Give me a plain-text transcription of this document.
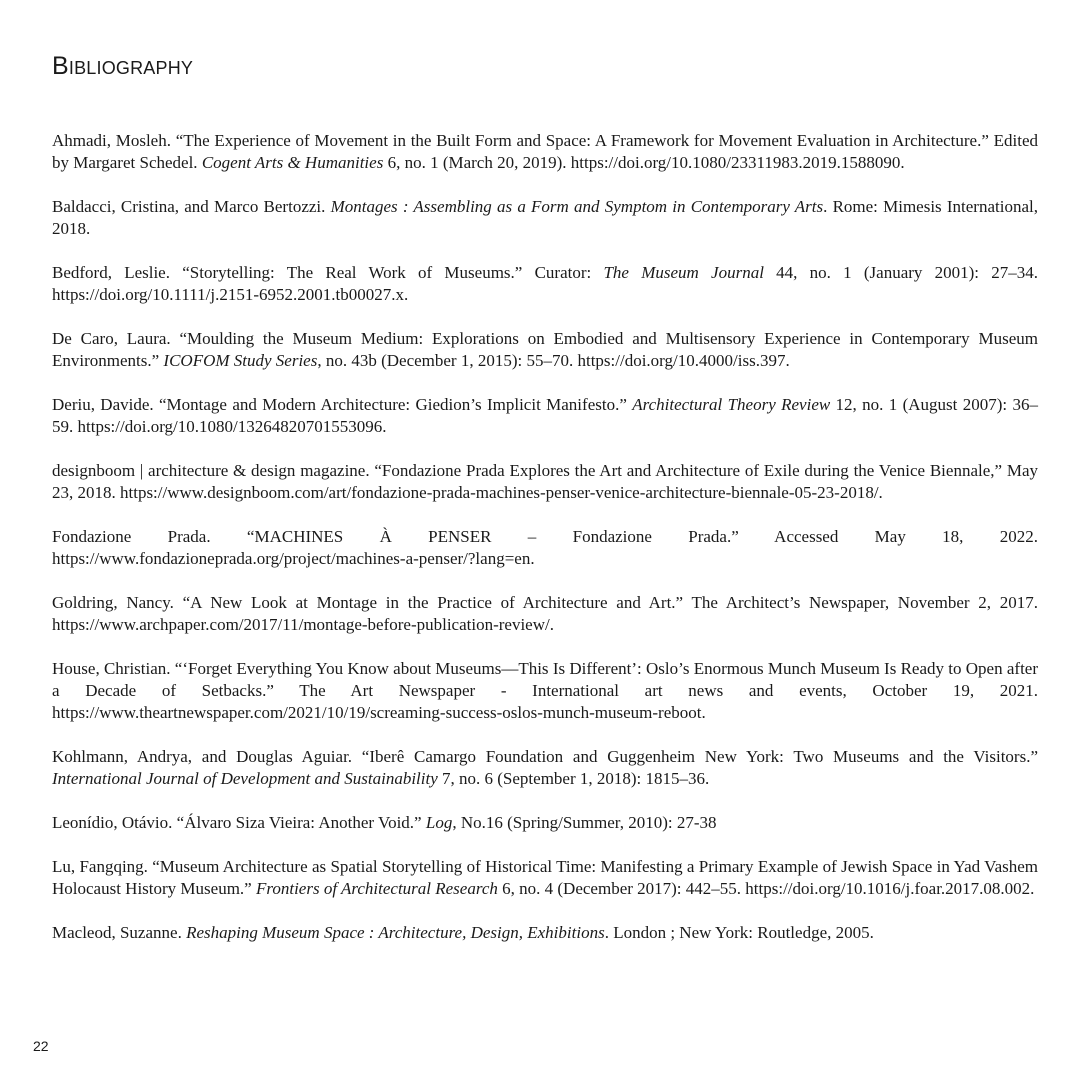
Bibliography

Ahmadi, Mosleh. “The Experience of Movement in the Built Form and Space: A Framework for Movement Evaluation in Architecture.” Edited by Margaret Schedel. Cogent Arts & Humanities 6, no. 1 (March 20, 2019). https://doi.org/10.1080/23311983.2019.1588090.

Baldacci, Cristina, and Marco Bertozzi. Montages : Assembling as a Form and Symptom in Contemporary Arts. Rome: Mimesis International, 2018.

Bedford, Leslie. “Storytelling: The Real Work of Museums.” Curator: The Museum Journal 44, no. 1 (January 2001): 27–34. https://doi.org/10.1111/j.2151-6952.2001.tb00027.x.

De Caro, Laura. “Moulding the Museum Medium: Explorations on Embodied and Multisensory Experience in Contemporary Museum Environments.” ICOFOM Study Series, no. 43b (December 1, 2015): 55–70. https://doi.org/10.4000/iss.397.

Deriu, Davide. “Montage and Modern Architecture: Giedion’s Implicit Manifesto.” Architectural Theory Review 12, no. 1 (August 2007): 36–59. https://doi.org/10.1080/13264820701553096.

designboom | architecture & design magazine. “Fondazione Prada Explores the Art and Architecture of Exile during the Venice Biennale,” May 23, 2018. https://www.designboom.com/art/fondazione-prada-machines-penser-venice-architecture-biennale-05-23-2018/.

Fondazione Prada. “MACHINES À PENSER – Fondazione Prada.” Accessed May 18, 2022. https://www.fondazioneprada.org/project/machines-a-penser/?lang=en.

Goldring, Nancy. “A New Look at Montage in the Practice of Architecture and Art.” The Architect’s Newspaper, November 2, 2017. https://www.archpaper.com/2017/11/montage-before-publication-review/.

House, Christian. “‘Forget Everything You Know about Museums—This Is Different’: Oslo’s Enormous Munch Museum Is Ready to Open after a Decade of Setbacks.” The Art Newspaper - International art news and events, October 19, 2021. https://www.theartnewspaper.com/2021/10/19/screaming-success-oslos-munch-museum-reboot.

Kohlmann, Andrya, and Douglas Aguiar. “Iberê Camargo Foundation and Guggenheim New York: Two Museums and the Visitors.” International Journal of Development and Sustainability 7, no. 6 (September 1, 2018): 1815–36.

Leonídio, Otávio. “Álvaro Siza Vieira: Another Void.” Log, No.16 (Spring/Summer, 2010): 27-38

Lu, Fangqing. “Museum Architecture as Spatial Storytelling of Historical Time: Manifesting a Primary Example of Jewish Space in Yad Vashem Holocaust History Museum.” Frontiers of Architectural Research 6, no. 4 (December 2017): 442–55. https://doi.org/10.1016/j.foar.2017.08.002.

Macleod, Suzanne. Reshaping Museum Space : Architecture, Design, Exhibitions. London ; New York: Routledge, 2005.

22
